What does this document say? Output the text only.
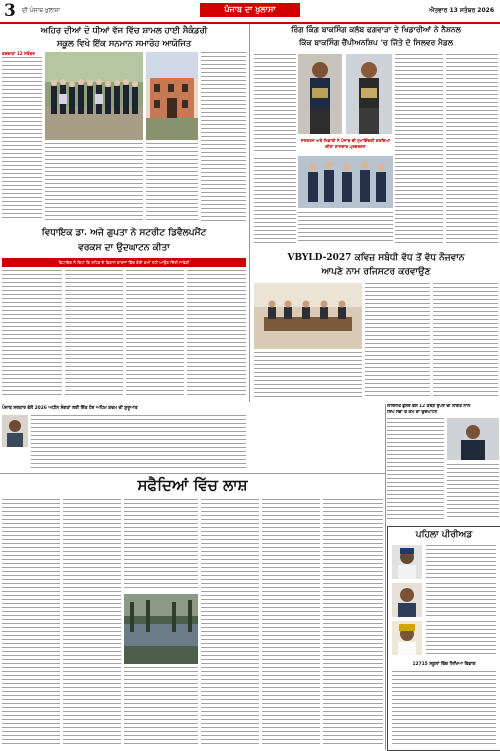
3 ਦੀ ਪੰਜਾਬ ਖੁਲਾਸਾ	ਪੰਜਾਬ ਦਾ ਖੁਲਾਸਾ	ਐਤਵਾਰ 13 ਸਤੰਬਰ 2026
ਅਹਿਰ ਦੀਆਂ ਦੋ ਧੀਆਂ ਵੱਜ ਵਿੱਚ ਸ਼ਾਮਲ ਹਾਈ ਸੈਕੰਡਰੀ
ਸਕੂਲ ਵਿਖੇ ਇੱਕ ਸਨਮਾਨ ਸਮਾਰੋਹ ਆਯੋਜਿਤ
ਫਗਵਾੜਾ 12 ਸਤੰਬਰ
ਰਿੰਗ ਕਿੰਗ ਬਾਕਸਿੰਗ ਕਲੱਬ ਫਗਵਾੜਾ ਦੇ ਖਿਡਾਰੀਆਂ ਨੇ ਨੈਸ਼ਨਲ
ਕਿੱਕ ਬਾਕਸਿੰਗ ਚੈਂਪੀਅਨਸ਼ਿਪ 'ਚ ਜਿੱਤੇ ਦੋ ਸਿਲਵਰ ਮੈਡਲ
ਜਸਕਰਨ ਅਤੇ ਖਿਡਾਰੀ ਨੇ ਪੰਜਾਬ ਦੀ ਨੁਮਾਇੰਦਗੀ ਕਰਦਿਆਂ ਕੀਤਾ ਸ਼ਾਨਦਾਰ ਪ੍ਰਦਰਸ਼ਨ
ਵਿਧਾਇਕ ਡਾ. ਅਜੇ ਗੁਪਤਾ ਨੇ ਸਟਰੀਟ ਡਿਵੈਲਪਮੈਂਟ
ਵਰਕਸ ਦਾ ਉਦਘਾਟਨ ਕੀਤਾ
ਵਿਧਾਇਕ ਨੇ ਕਿਹਾ ਕਿ ਸ਼ਹਿਰ ਦੇ ਵਿਕਾਸ ਕਾਰਜਾਂ ਵਿੱਚ ਕੋਈ ਕਮੀ ਨਹੀਂ ਆਉਣ ਦਿੱਤੀ ਜਾਵੇਗੀ	VBYLD-2027 ਕਵਿਜ਼ ਸਬੰਧੀ ਵੱਧ ਤੋਂ ਵੱਧ ਨੌਜਵਾਨ
ਆਪਣੇ ਨਾਮ ਰਜਿਸਟਰ ਕਰਵਾਉਣ
ਪੰਜਾਬ ਸਰਕਾਰ ਵੱਲੋਂ 2026 ਅਧੀਨ ਸੰਗਤਾਂ ਲਈ ਇੱਕ ਹੋਰ ਅਹਿਮ ਕਦਮ ਦੀ ਸ਼ੁਰੂਆਤ
ਸਫੈਦਿਆਂ ਵਿੱਚ ਲਾਸ਼
ਲਾਲਜੀਤ ਭੁੱਲਰ ਵੱਲੋਂ 12 ਕਰੋੜ ਰੁਪਏ ਦੀ ਲਾਗਤ ਨਾਲ
ਸਿੰਘ ਸਭਾ ਦੇ ਕੰਮ ਦਾ ਉਦਘਾਟਨ
ਪਹਿਲਾ ਪੀਰੀਅਡ
12715 ਸਕੂਲਾਂ ਵਿੱਚ ਸਿਖਿਆ ਵਿਭਾਗ
